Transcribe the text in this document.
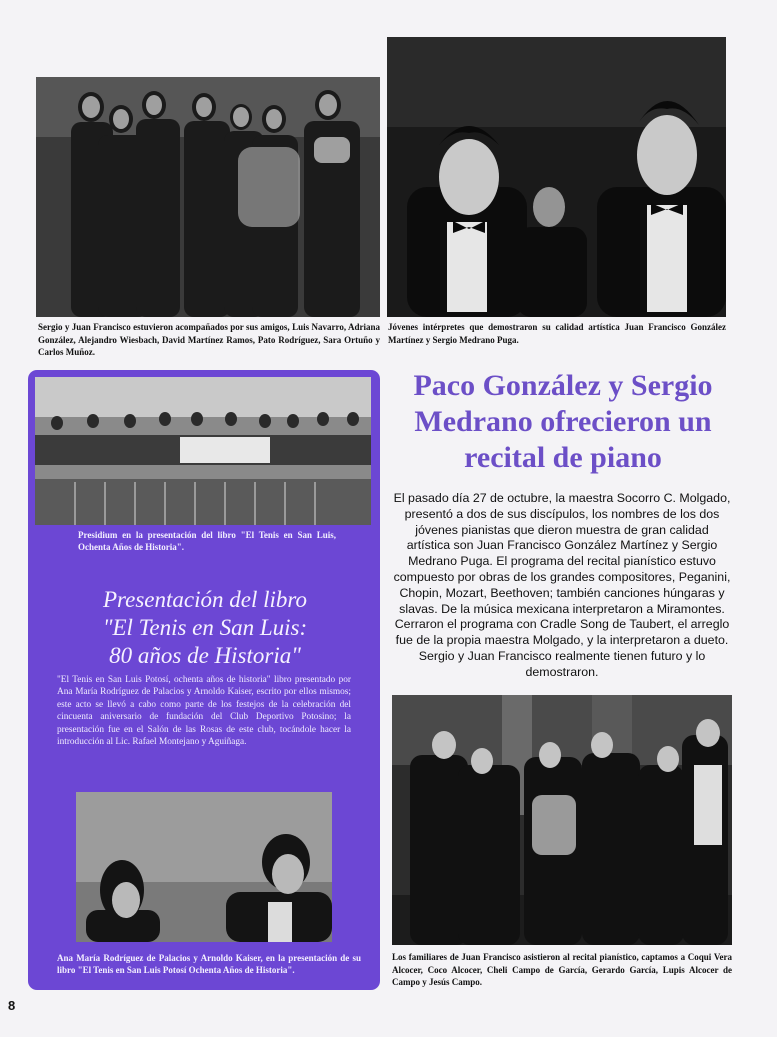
Sergio y Juan Francisco estuvieron acompañados por sus amigos, Luis Navarro, Adriana González, Alejandro Wiesbach, David Martínez Ramos, Pato Rodríguez, Sara Ortuño y Carlos Muñoz.
Jóvenes intérpretes que demostraron su calidad artística Juan Francisco González Martínez y Sergio Medrano Puga.
Presidium en la presentación del libro "El Tenis en San Luis, Ochenta Años de Historia".
Presentación del libro
"El Tenis en San Luis:
80 años de Historia"
"El Tenis en San Luis Potosí, ochenta años de historia" libro presentado por Ana María Rodríguez de Palacios y Arnoldo Kaiser, escrito por ellos mismos; este acto se llevó a cabo como parte de los festejos de la celebración del cincuenta aniversario de fundación del Club Deportivo Potosino; la presentación fue en el Salón de las Rosas de este club, tocándole hacer la introducción al Lic. Rafael Montejano y Aguiñaga.
Ana María Rodríguez de Palacios y Arnoldo Kaiser, en la presentación de su libro "El Tenis en San Luis Potosí Ochenta Años de Historia".
Paco González y Sergio Medrano ofrecieron un recital de piano
El pasado día 27 de octubre, la maestra Socorro C. Molgado, presentó a dos de sus discípulos, los nombres de los dos jóvenes pianistas que dieron muestra de gran calidad artística son Juan Francisco González Martínez y Sergio Medrano Puga. El programa del recital pianístico estuvo compuesto por obras de los grandes compositores, Peganini, Chopin, Mozart, Beethoven; también canciones húngaras y slavas. De la música mexicana interpretaron a Miramontes. Cerraron el programa con Cradle Song de Taubert, el arreglo fue de la propia maestra Molgado, y la interpretaron a dueto. Sergio y Juan Francisco realmente tienen futuro y lo demostraron.
Los familiares de Juan Francisco asistieron al recital pianístico, captamos a Coqui Vera Alcocer, Coco Alcocer, Cheli Campo de García, Gerardo García, Lupis Alcocer de Campo y Jesús Campo.
8
